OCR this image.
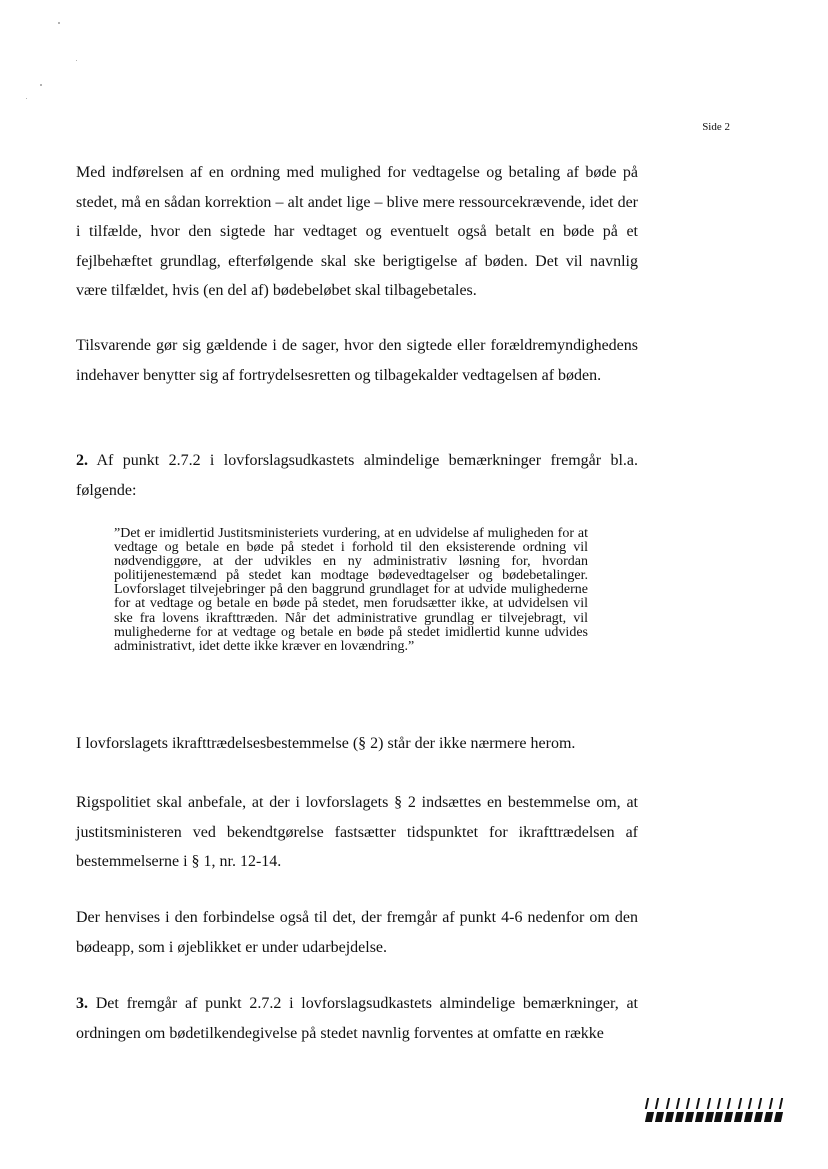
Side 2

Med indførelsen af en ordning med mulighed for vedtagelse og betaling af bøde på stedet, må en sådan korrektion – alt andet lige – blive mere ressourcekrævende, idet der i tilfælde, hvor den sigtede har vedtaget og eventuelt også betalt en bøde på et fejlbehæftet grundlag, efterfølgende skal ske berigtigelse af bøden. Det vil navnlig være tilfældet, hvis (en del af) bødebeløbet skal tilbagebetales.

Tilsvarende gør sig gældende i de sager, hvor den sigtede eller forældremyndighedens indehaver benytter sig af fortrydelsesretten og tilbagekalder vedtagelsen af bøden.

2. Af punkt 2.7.2 i lovforslagsudkastets almindelige bemærkninger fremgår bl.a. følgende:

”Det er imidlertid Justitsministeriets vurdering, at en udvidelse af muligheden for at vedtage og betale en bøde på stedet i forhold til den eksisterende ordning vil nødvendiggøre, at der udvikles en ny administrativ løsning for, hvordan politijenestemænd på stedet kan modtage bødevedtagelser og bødebetalinger. Lovforslaget tilvejebringer på den baggrund grundlaget for at udvide mulighederne for at vedtage og betale en bøde på stedet, men forudsætter ikke, at udvidelsen vil ske fra lovens ikrafttræden. Når det administrative grundlag er tilvejebragt, vil mulighederne for at vedtage og betale en bøde på stedet imidlertid kunne udvides administrativt, idet dette ikke kræver en lovændring.”

I lovforslagets ikrafttrædelsesbestemmelse (§ 2) står der ikke nærmere herom.

Rigspolitiet skal anbefale, at der i lovforslagets § 2 indsættes en bestemmelse om, at justitsministeren ved bekendtgørelse fastsætter tidspunktet for ikrafttrædelsen af bestemmelserne i § 1, nr. 12-14.

Der henvises i den forbindelse også til det, der fremgår af punkt 4-6 nedenfor om den bødeapp, som i øjeblikket er under udarbejdelse.

3. Det fremgår af punkt 2.7.2 i lovforslagsudkastets almindelige bemærkninger, at ordningen om bødetilkendegivelse på stedet navnlig forventes at omfatte en række
